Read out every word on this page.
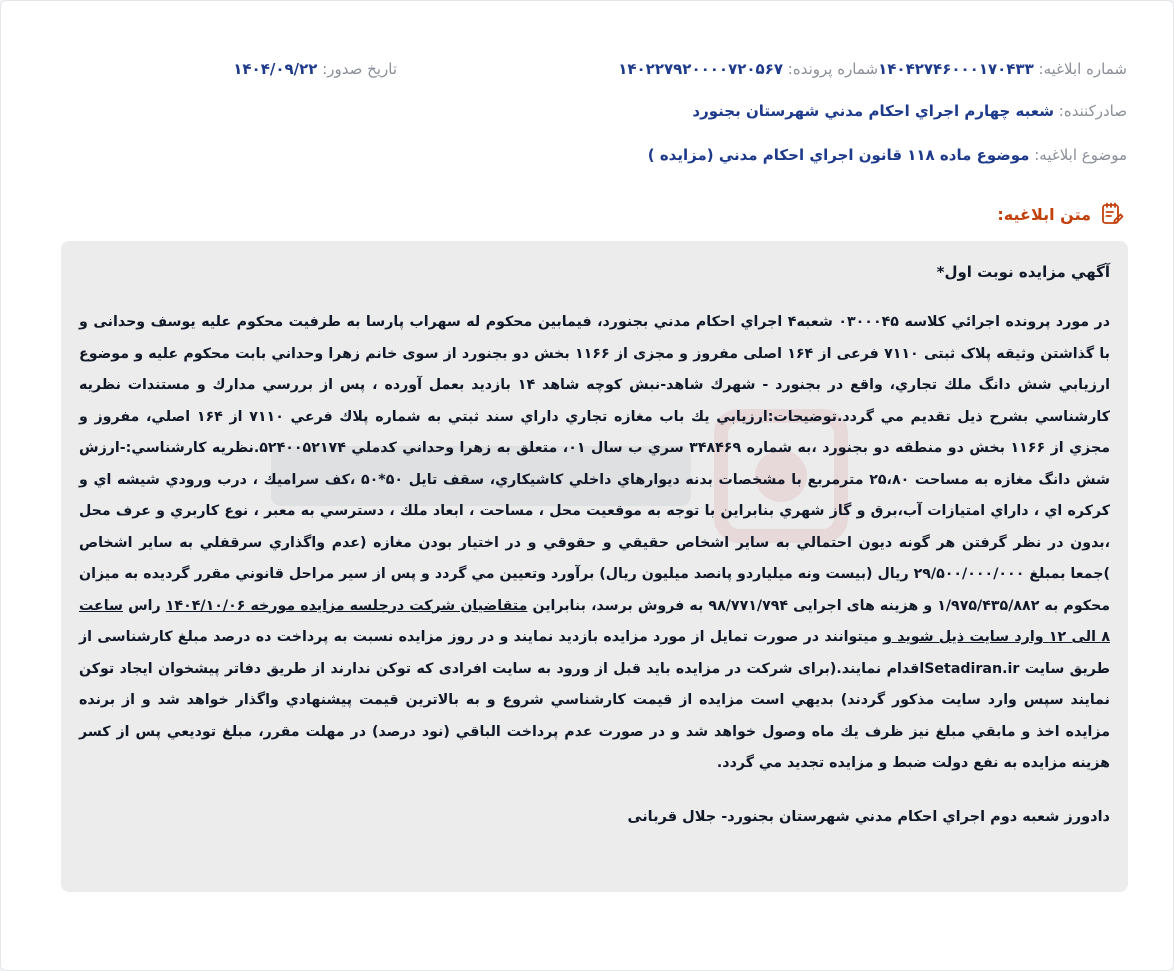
شماره ابلاغيه: ۱۴۰۴۲۷۴۶۰۰۰۱۷۰۴۳۳
شماره پرونده: ۱۴۰۲۲۷۹۲۰۰۰۰۷۲۰۵۶۷
تاريخ صدور: ۱۴۰۴/۰۹/۲۲
صادرکننده: شعبه چهارم اجراي احكام مدني شهرستان بجنورد
موضوع ابلاغيه: موضوع ماده ۱۱۸ قانون اجراي احكام مدني (مزايده )
متن ابلاغيه:
آگهي مزايده نوبت اول*
در مورد پرونده اجرائي كلاسه ۰۳۰۰۰۴۵ شعبه۴ اجراي احكام مدني بجنورد، فيمابين محكوم له سهراب پارسا به طرفيت محكوم عليه يوسف وحدانی و با گذاشتن وثيقه پلاک ثبتی ۷۱۱۰ فرعی از ۱۶۴ اصلی مفروز و مجزی از ۱۱۶۶ بخش دو بجنورد از سوی خانم زهرا وحداني بابت محكوم عليه و موضوع ارزيابي شش دانگ ملك تجاري، واقع در بجنورد - شهرك شاهد-نبش كوچه شاهد ۱۴ بازديد بعمل آورده ، پس از بررسي مدارك و مستندات نظريه كارشناسي بشرح ذيل تقديم مي گردد.توضيحات:ارزيابي يك باب مغازه تجاري داراي سند ثبتي به شماره پلاك فرعي ۷۱۱۰ از ۱۶۴ اصلي، مفروز و مجزي از ۱۱۶۶ بخش دو منطقه دو بجنورد ،به شماره ۳۴۸۴۶۹ سري ب سال ۰۱، متعلق به زهرا وحداني كدملي ۵۲۴۰۰۵۲۱۷۴.نظريه كارشناسي:-ارزش شش دانگ مغازه به مساحت ۲۵،۸۰ مترمربع با مشخصات بدنه ديوارهاي داخلي كاشيكاري، سقف تايل ۵۰*۵۰ ،كف سراميك ، درب ورودي شيشه اي و كركره اي ، داراي امتيازات آب،برق و گاز شهري بنابراين با توجه به موقعيت محل ، مساحت ، ابعاد ملك ، دسترسي به معبر ، نوع كاربري و عرف محل ،بدون در نظر گرفتن هر گونه ديون احتمالي به ساير اشخاص حقيقي و حقوقي و در اختيار بودن مغازه (عدم واگذاري سرقفلي به ساير اشخاص )جمعا بمبلغ ۲۹/۵۰۰/۰۰۰/۰۰۰ ريال (بيست ونه ميلياردو پانصد ميليون ريال) برآورد وتعيين مي گردد و پس از سير مراحل قانوني مقرر گرديده به ميزان محكوم به ۱/۹۷۵/۴۳۵/۸۸۲ و هزينه های اجرایی ۹۸/۷۷۱/۷۹۴ به فروش برسد، بنابراين متقاضيان شركت درجلسه مزايده مورخه ۱۴۰۴/۱۰/۰۶ راس ساعت ۸ الی ۱۲ وارد سايت ذيل شويد و ميتوانند در صورت تمايل از مورد مزايده بازديد نمايند و در روز مزايده نسبت به پرداخت ده درصد مبلغ كارشناسی از طريق سايت Setadiran.irاقدام نمايند.(برای شركت در مزايده بايد قبل از ورود به سايت افرادی كه توكن ندارند از طريق دفاتر پيشخوان ايجاد توكن نمايند سپس وارد سايت مذكور گردند) بديهي است مزايده از قيمت كارشناسي شروع و به بالاترين قيمت پيشنهادي واگذار خواهد شد و از برنده مزايده اخذ و مابقي مبلغ نيز ظرف يك ماه وصول خواهد شد و در صورت عدم پرداخت الباقي (نود درصد) در مهلت مقرر، مبلغ توديعي پس از كسر هزينه مزايده به نفع دولت ضبط و مزايده تجديد مي گردد.
دادورز شعبه دوم اجراي احكام مدني شهرستان بجنورد- جلال قربانی
